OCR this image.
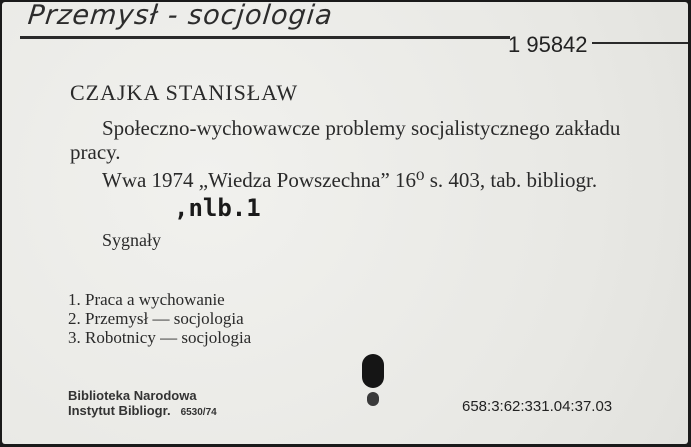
Przemysł - socjologia
1 95842
CZAJKA STANISŁAW
Społeczno-wychowawcze problemy socjalistycznego zakładu pracy.
Wwa 1974 „Wiedza Powszechna” 16⁰ s. 403, tab. bibliogr.
,nlb.1
Sygnały
1. Praca a wychowanie
2. Przemysł — socjologia
3. Robotnicy — socjologia
Biblioteka Narodowa
Instytut Bibliogr. 6530/74	658:3:62:331.04:37.03
